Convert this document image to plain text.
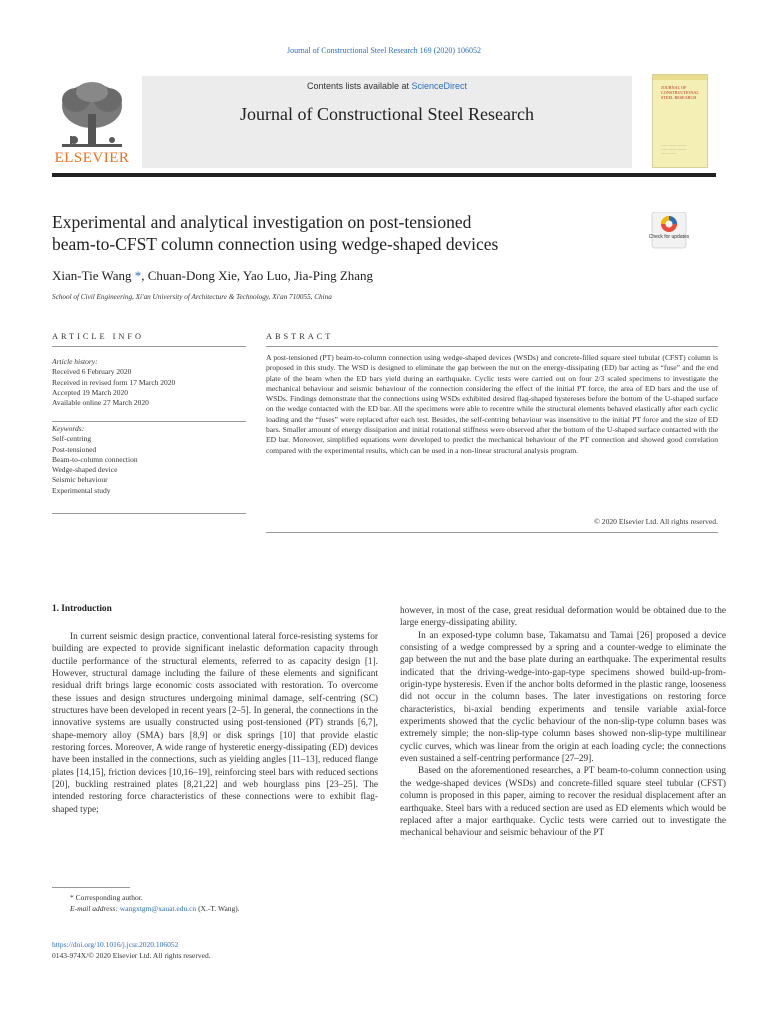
Journal of Constructional Steel Research 169 (2020) 106052
ELSEVIER
Contents lists available at ScienceDirect
Journal of Constructional Steel Research
JOURNAL OF CONSTRUCTIONAL STEEL RESEARCH
—— ——— ———
—— ——— ———
—— ———
Experimental and analytical investigation on post-tensioned
beam-to-CFST column connection using wedge-shaped devices	Check for updates
Xian-Tie Wang *, Chuan-Dong Xie, Yao Luo, Jia-Ping Zhang
School of Civil Engineering, Xi'an University of Architecture & Technology, Xi'an 710055, China
ARTICLE INFO
Article history:
Received 6 February 2020
Received in revised form 17 March 2020
Accepted 19 March 2020
Available online 27 March 2020
Keywords:
Self-centring
Post-tensioned
Beam-to-column connection
Wedge-shaped device
Seismic behaviour
Experimental study
ABSTRACT
A post-tensioned (PT) beam-to-column connection using wedge-shaped devices (WSDs) and concrete-filled square steel tubular (CFST) column is proposed in this study. The WSD is designed to eliminate the gap between the nut on the energy-dissipating (ED) bar acting as “fuse” and the end plate of the beam when the ED bars yield during an earthquake. Cyclic tests were carried out on four 2/3 scaled specimens to investigate the mechanical behaviour and seismic behaviour of the connection considering the effect of the initial PT force, the area of ED bars and the use of WSDs. Findings demonstrate that the connections using WSDs exhibited desired flag-shaped hystereses before the bottom of the U-shaped surface on the wedge contacted with the ED bar. All the specimens were able to recentre while the structural elements behaved elastically after each cyclic loading and the “fuses” were replaced after each test. Besides, the self-centring behaviour was insensitive to the initial PT force and the size of ED bars. Smaller amount of energy dissipation and initial rotational stiffness were observed after the bottom of the U-shaped surface contacted with the ED bar. Moreover, simplified equations were developed to predict the mechanical behaviour of the PT connection and showed good correlation compared with the experimental results, which can be used in a non-linear structural analysis program.
© 2020 Elsevier Ltd. All rights reserved.
1. Introduction

In current seismic design practice, conventional lateral force-resisting systems for building are expected to provide significant inelastic deformation capacity through ductile performance of the structural elements, referred to as capacity design [1]. However, structural damage including the failure of these elements and significant residual drift brings large economic costs associated with restoration. To overcome these issues and design structures undergoing minimal damage, self-centring (SC) structures have been developed in recent years [2–5]. In general, the connections in the innovative systems are usually constructed using post-tensioned (PT) strands [6,7], shape-memory alloy (SMA) bars [8,9] or disk springs [10] that provide elastic restoring forces. Moreover, A wide range of hysteretic energy-dissipating (ED) devices have been installed in the connections, such as yielding angles [11–13], reduced flange plates [14,15], friction devices [10,16–19], reinforcing steel bars with reduced sections [20], buckling restrained plates [8,21,22] and web hourglass pins [23–25]. The intended restoring force characteristics of these connections were to exhibit flag-shaped type;

however, in most of the case, great residual deformation would be obtained due to the large energy-dissipating ability.

In an exposed-type column base, Takamatsu and Tamai [26] proposed a device consisting of a wedge compressed by a spring and a counter-wedge to eliminate the gap between the nut and the base plate during an earthquake. The experimental results indicated that the driving-wedge-into-gap-type specimens showed build-up-from-origin-type hysteresis. Even if the anchor bolts deformed in the plastic range, looseness did not occur in the column bases. The later investigations on restoring force characteristics, bi-axial bending experiments and tensile variable axial-force experiments showed that the cyclic behaviour of the non-slip-type column bases was extremely simple; the non-slip-type column bases showed non-slip-type multilinear cyclic curves, which was linear from the origin at each loading cycle; the connections even sustained a self-centring performance [27–29].

Based on the aforementioned researches, a PT beam-to-column connection using the wedge-shaped devices (WSDs) and concrete-filled square steel tubular (CFST) column is proposed in this paper, aiming to recover the residual displacement after an earthquake. Steel bars with a reduced section are used as ED elements which would be replaced after a major earthquake. Cyclic tests were carried out to investigate the mechanical behaviour and seismic behaviour of the PT

* Corresponding author.
E-mail address: wangxtgm@xauat.edu.cn (X.-T. Wang).
https://doi.org/10.1016/j.jcsr.2020.106052
0143-974X/© 2020 Elsevier Ltd. All rights reserved.
